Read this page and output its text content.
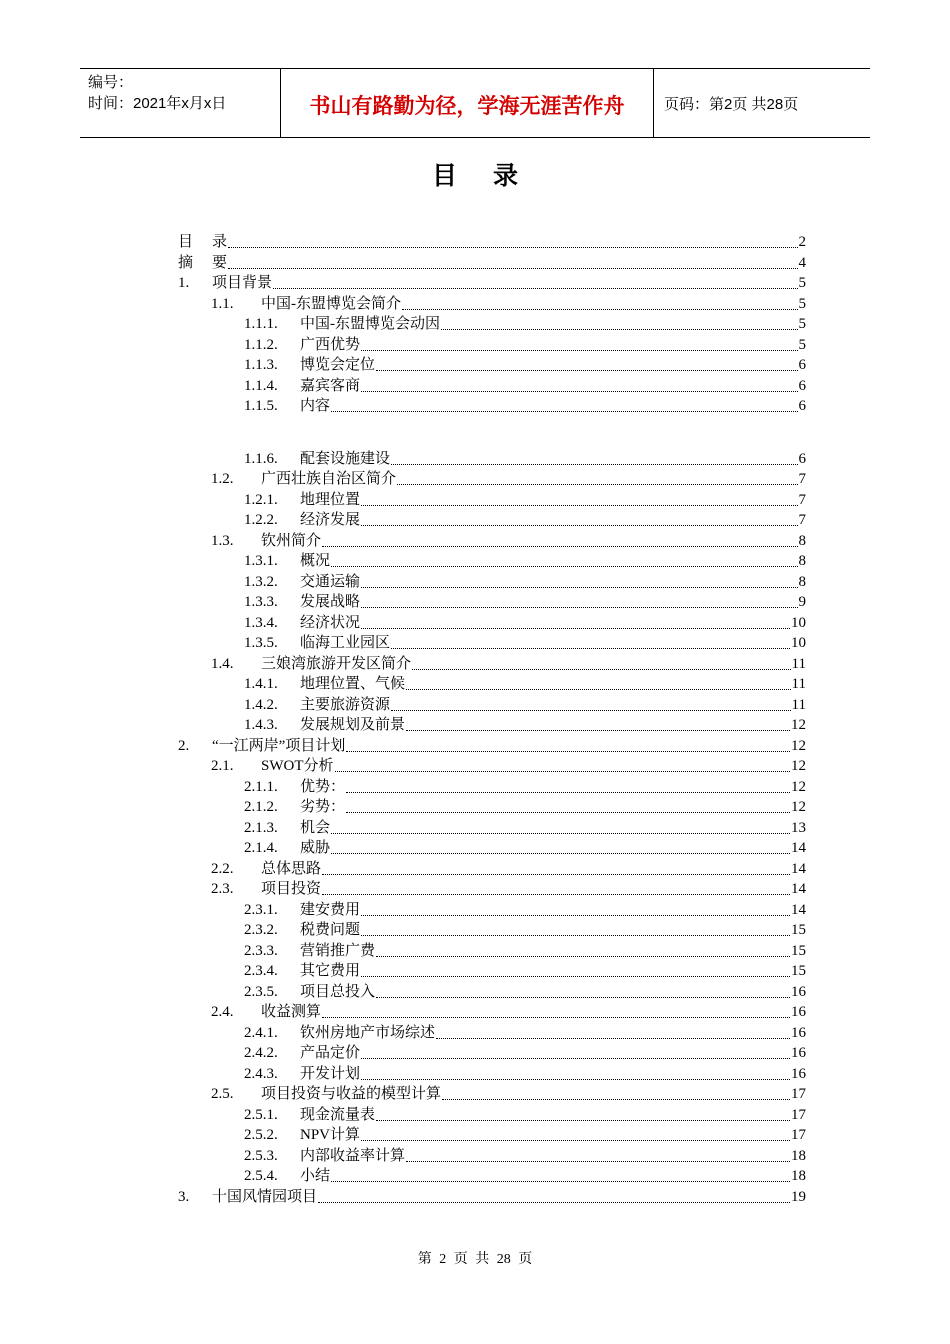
编号：
时间：2021年x月x日	书山有路勤为径，学海无涯苦作舟	页码：第2页 共28页
目录
目	录	2
摘	要	4
1.	项目背景	5
1.1.	中国-东盟博览会简介	5
1.1.1.	中国-东盟博览会动因	5
1.1.2.	广西优势	5
1.1.3.	博览会定位	6
1.1.4.	嘉宾客商	6
1.1.5.	内容	6
1.1.6.	配套设施建设	6
1.2.	广西壮族自治区简介	7
1.2.1.	地理位置	7
1.2.2.	经济发展	7
1.3.	钦州简介	8
1.3.1.	概况	8
1.3.2.	交通运输	8
1.3.3.	发展战略	9
1.3.4.	经济状况	10
1.3.5.	临海工业园区	10
1.4.	三娘湾旅游开发区简介	11
1.4.1.	地理位置、气候	11
1.4.2.	主要旅游资源	11
1.4.3.	发展规划及前景	12
2.	“一江两岸”项目计划	12
2.1.	SWOT分析	12
2.1.1.	优势：	12
2.1.2.	劣势：	12
2.1.3.	机会	13
2.1.4.	威胁	14
2.2.	总体思路	14
2.3.	项目投资	14
2.3.1.	建安费用	14
2.3.2.	税费问题	15
2.3.3.	营销推广费	15
2.3.4.	其它费用	15
2.3.5.	项目总投入	16
2.4.	收益测算	16
2.4.1.	钦州房地产市场综述	16
2.4.2.	产品定价	16
2.4.3.	开发计划	16
2.5.	项目投资与收益的模型计算	17
2.5.1.	现金流量表	17
2.5.2.	NPV计算	17
2.5.3.	内部收益率计算	18
2.5.4.	小结	18
3.	十国风情园项目	19
第 2 页 共 28 页
